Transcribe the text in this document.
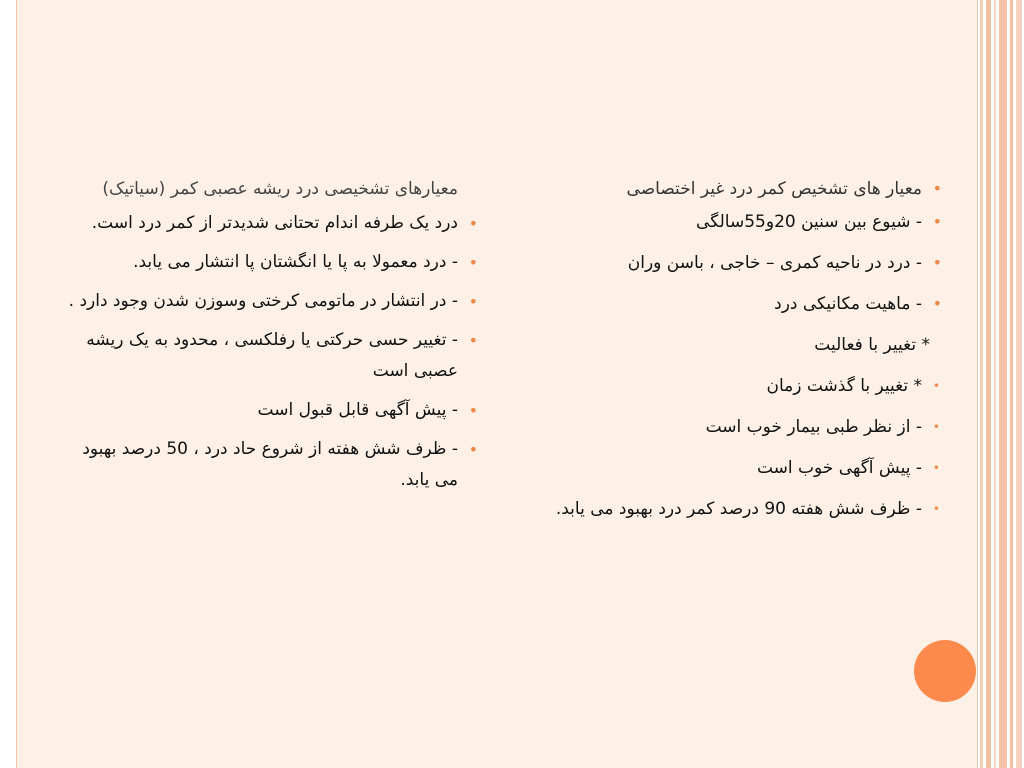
•
معیار های تشخیص کمر درد غیر اختصاصی
•
- شیوع بین سنین 20و55سالگی
•
- درد در ناحیه کمری – خاجی ، باسن وران
•
- ماهیت مکانیکی درد
* تغییر با فعالیت
•
* تغییر با گذشت زمان
•
- از نظر طبی بیمار خوب است
•
- پیش آگهی خوب است
•
- ظرف شش هفته 90 درصد کمر درد بهبود می یابد.
معیارهای تشخیصی درد ریشه عصبی کمر (سیاتیک)
•
درد یک طرفه اندام تحتانی شدیدتر از کمر درد است.
•
- درد معمولا به پا یا انگشتان پا انتشار می یابد.
•
- در انتشار در ماتومی کرختی وسوزن شدن وجود دارد .
•
- تغییر حسی حرکتی یا رفلکسی ، محدود به یک ریشه عصبی است
•
- پیش آگهی قابل قبول است
•
- ظرف شش هفته از شروع حاد درد ، 50 درصد بهبود می یابد.
